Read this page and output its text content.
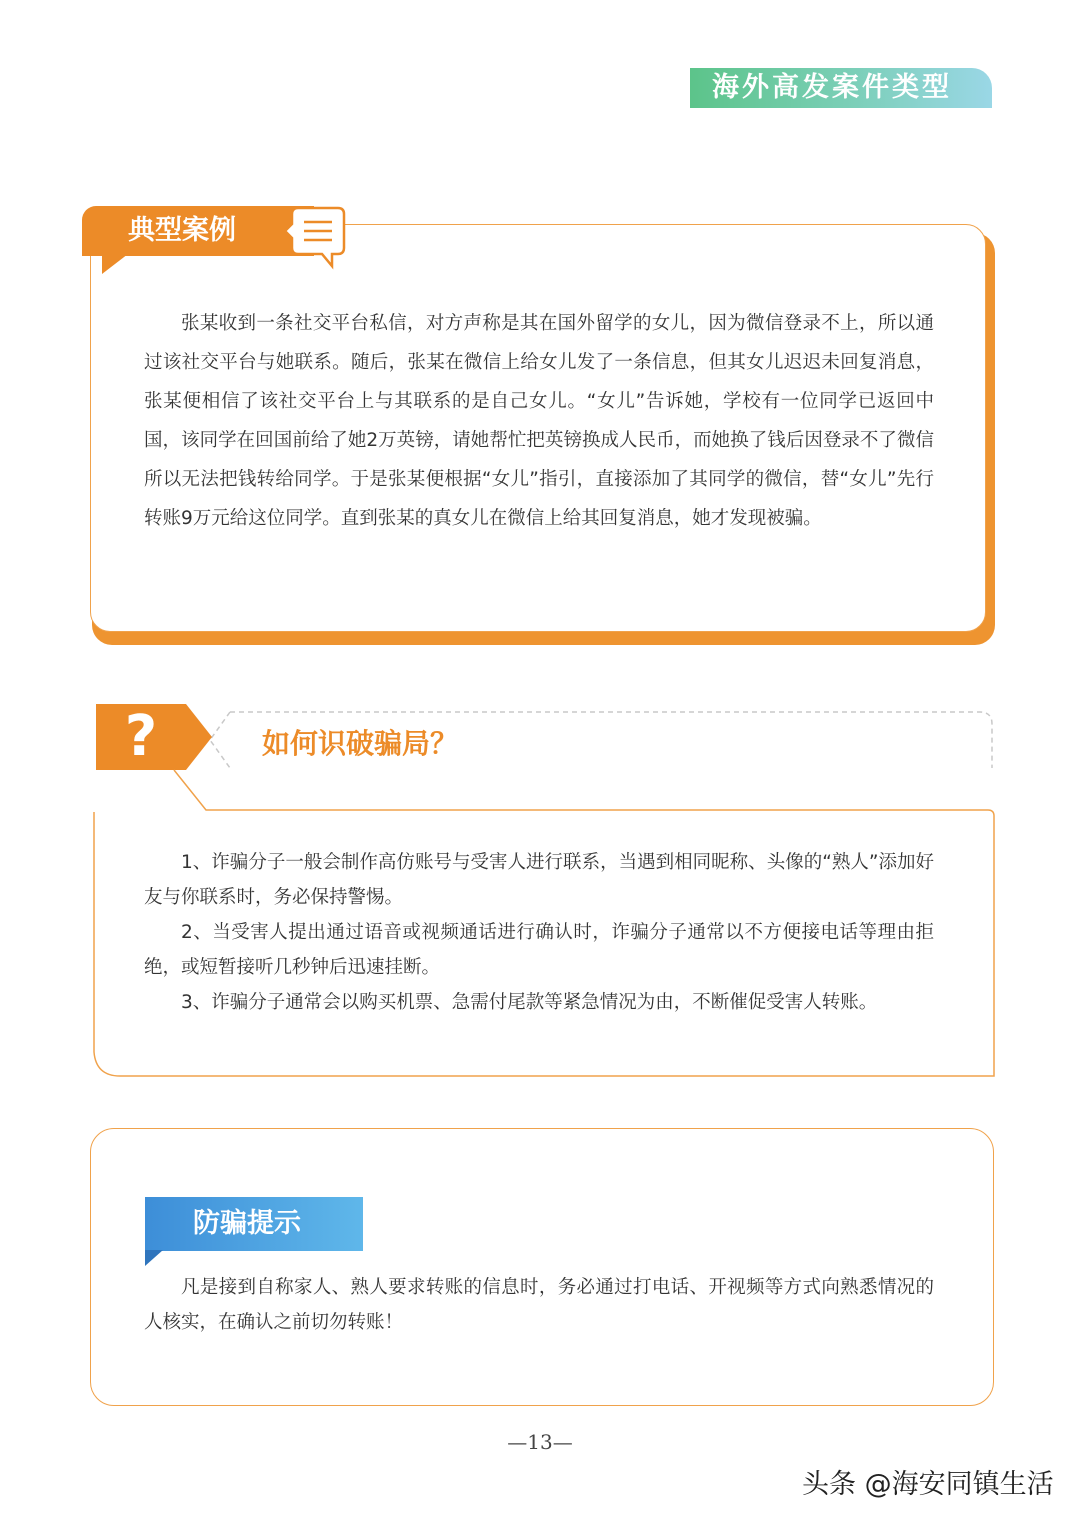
海外高发案件类型
典型案例
张某收到一条社交平台私信，对方声称是其在国外留学的女儿，因为微信登录不上，所以通过该社交平台与她联系。随后，张某在微信上给女儿发了一条信息，但其女儿迟迟未回复消息，张某便相信了该社交平台上与其联系的是自己女儿。“女儿”告诉她，学校有一位同学已返回中国，该同学在回国前给了她2万英镑，请她帮忙把英镑换成人民币，而她换了钱后因登录不了微信所以无法把钱转给同学。于是张某便根据“女儿”指引，直接添加了其同学的微信，替“女儿”先行转账9万元给这位同学。直到张某的真女儿在微信上给其回复消息，她才发现被骗。
?	如何识破骗局？

1、诈骗分子一般会制作高仿账号与受害人进行联系，当遇到相同昵称、头像的“熟人”添加好友与你联系时，务必保持警惕。

2、当受害人提出通过语音或视频通话进行确认时，诈骗分子通常以不方便接电话等理由拒绝，或短暂接听几秒钟后迅速挂断。

3、诈骗分子通常会以购买机票、急需付尾款等紧急情况为由，不断催促受害人转账。

防骗提示
凡是接到自称家人、熟人要求转账的信息时，务必通过打电话、开视频等方式向熟悉情况的人核实，在确认之前切勿转账！
—13—
头条 @海安同镇生活
